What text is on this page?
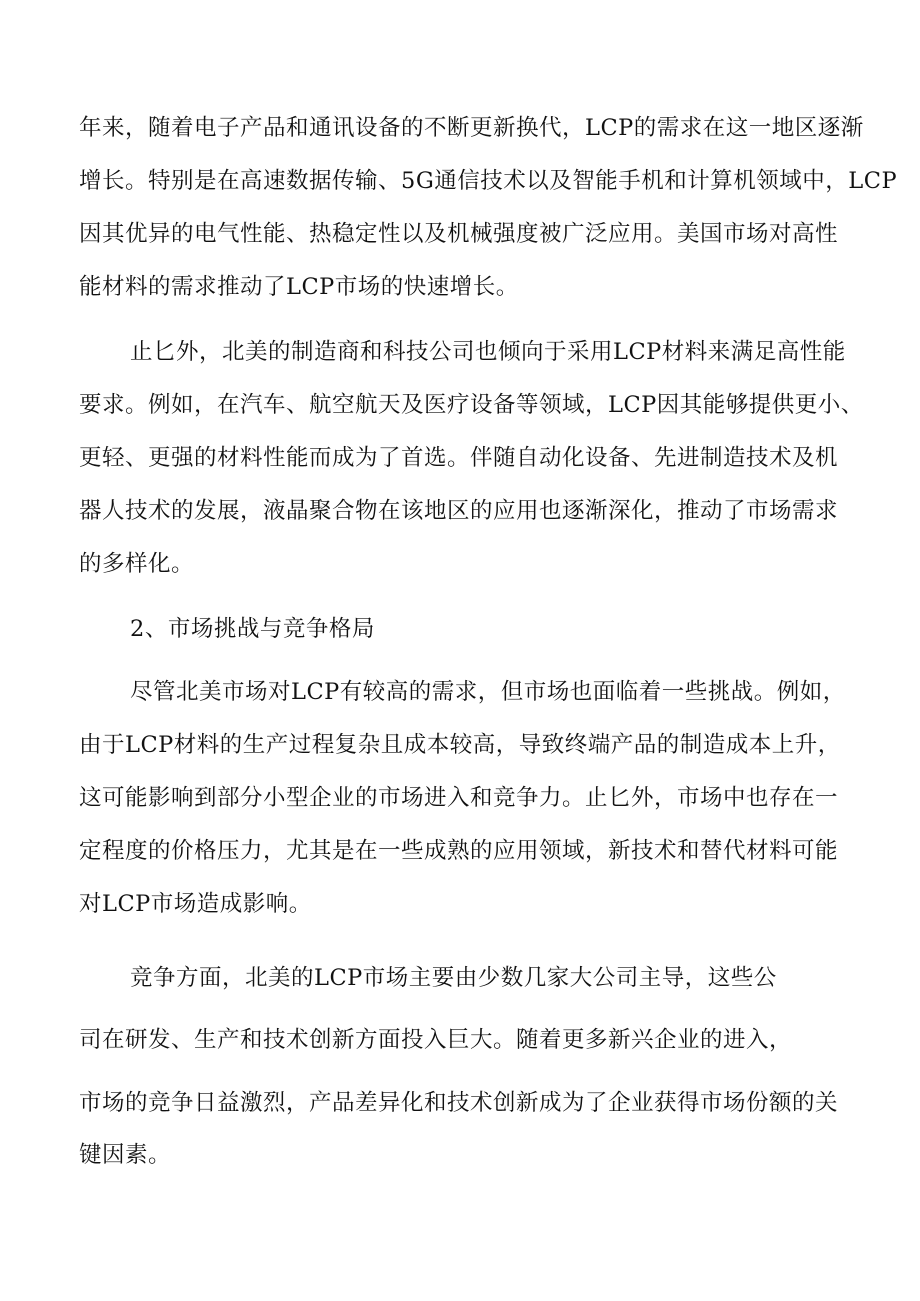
年来，随着电子产品和通讯设备的不断更新换代，LCP的需求在这一地区逐渐
增长。特别是在高速数据传输、5G通信技术以及智能手机和计算机领域中，LCP
因其优异的电气性能、热稳定性以及机械强度被广泛应用。美国市场对高性
能材料的需求推动了LCP市场的快速增长。
止匕外，北美的制造商和科技公司也倾向于采用LCP材料来满足高性能
要求。例如，在汽车、航空航天及医疗设备等领域，LCP因其能够提供更小、
更轻、更强的材料性能而成为了首选。伴随自动化设备、先进制造技术及机
器人技术的发展，液晶聚合物在该地区的应用也逐渐深化，推动了市场需求
的多样化。
2、市场挑战与竞争格局
尽管北美市场对LCP有较高的需求，但市场也面临着一些挑战。例如，
由于LCP材料的生产过程复杂且成本较高，导致终端产品的制造成本上升，
这可能影响到部分小型企业的市场进入和竞争力。止匕外，市场中也存在一
定程度的价格压力，尤其是在一些成熟的应用领域，新技术和替代材料可能
对LCP市场造成影响。
竞争方面，北美的LCP市场主要由少数几家大公司主导，这些公
司在研发、生产和技术创新方面投入巨大。随着更多新兴企业的进入，
市场的竞争日益激烈，产品差异化和技术创新成为了企业获得市场份额的关
键因素。
